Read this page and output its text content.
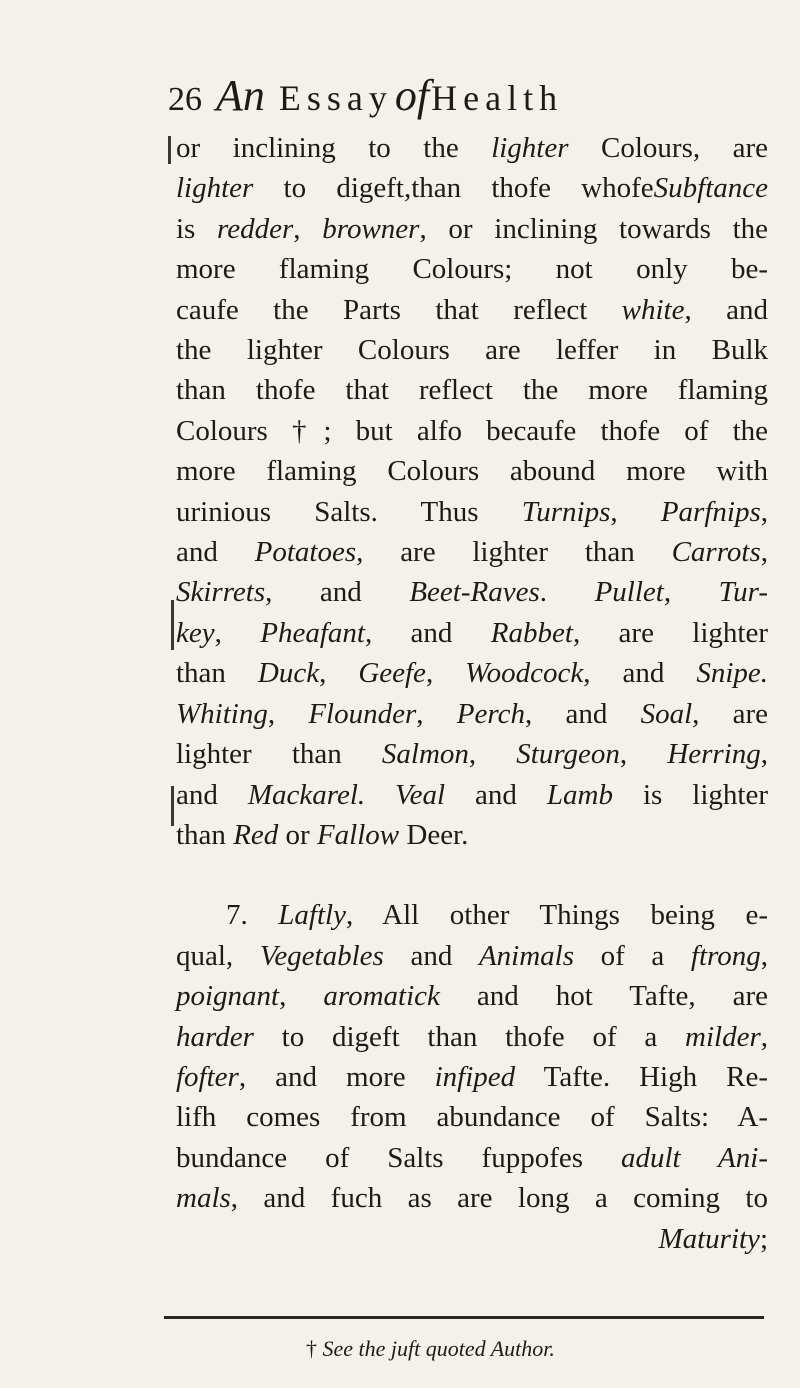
26 An EssayofHealth
or inclining to the lighter Colours, are
lighter to digeft,than thofe whofeSubftance
is redder, browner, or inclining towards the
more flaming Colours; not only be-
caufe the Parts that reflect white, and
the lighter Colours are leffer in Bulk
than thofe that reflect the more flaming
Colours †; but alfo becaufe thofe of the
more flaming Colours abound more with
urinious Salts. Thus Turnips, Parfnips,
and Potatoes, are lighter than Carrots,
Skirrets, and Beet-Raves. Pullet, Tur-
key, Pheafant, and Rabbet, are lighter
than Duck, Geefe, Woodcock, and Snipe.
Whiting, Flounder, Perch, and Soal, are
lighter than Salmon, Sturgeon, Herring,
and Mackarel. Veal and Lamb is lighter
than Red or Fallow Deer.
7. Laftly, All other Things being e-
qual, Vegetables and Animals of a ftrong,
poignant, aromatick and hot Tafte, are
harder to digeft than thofe of a milder,
fofter, and more infiped Tafte. High Re-
lifh comes from abundance of Salts: A-
bundance of Salts fuppofes adult Ani-
mals, and fuch as are long a coming to
Maturity;
† See the juft quoted Author.
